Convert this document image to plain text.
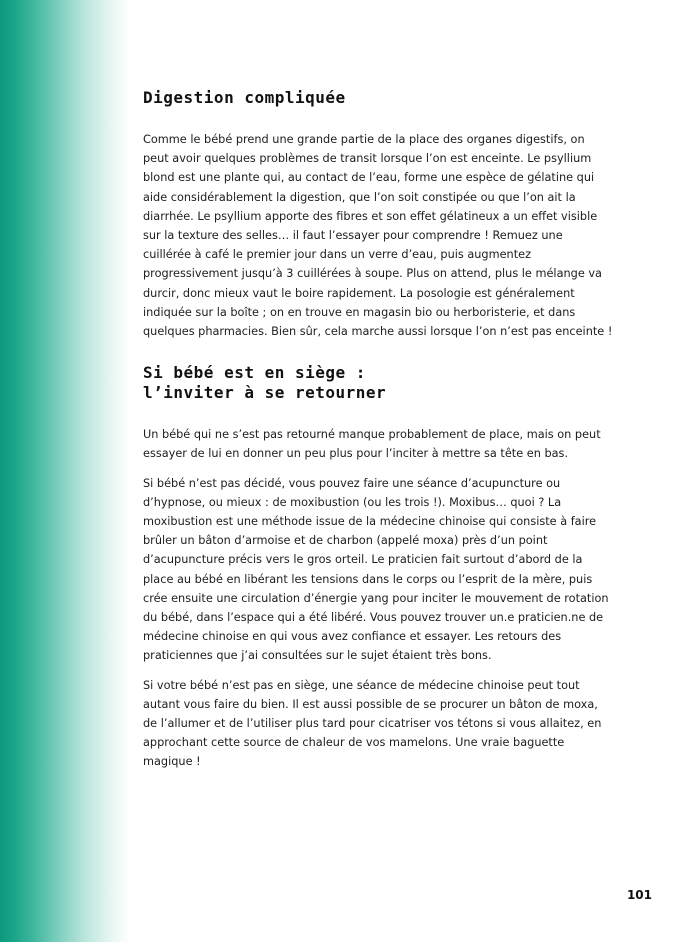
Digestion compliquée

Comme le bébé prend une grande partie de la place des organes digestifs, on peut avoir quelques problèmes de transit lorsque l’on est enceinte. Le psyllium blond est une plante qui, au contact de l’eau, forme une espèce de gélatine qui aide considérablement la digestion, que l’on soit constipée ou que l’on ait la diarrhée. Le psyllium apporte des fibres et son effet gélatineux a un effet visible sur la texture des selles… il faut l’essayer pour comprendre ! Remuez une cuillérée à café le premier jour dans un verre d’eau, puis augmentez progressivement jusqu’à 3 cuillérées à soupe. Plus on attend, plus le mélange va durcir, donc mieux vaut le boire rapidement. La posologie est généralement indiquée sur la boîte ; on en trouve en magasin bio ou herboristerie, et dans quelques pharmacies. Bien sûr, cela marche aussi lorsque l’on n’est pas enceinte !

Si bébé est en siège :
l’inviter à se retourner

Un bébé qui ne s’est pas retourné manque probablement de place, mais on peut essayer de lui en donner un peu plus pour l’inciter à mettre sa tête en bas.

Si bébé n’est pas décidé, vous pouvez faire une séance d’acupuncture ou d’hypnose, ou mieux : de moxibustion (ou les trois !). Moxibus… quoi ? La moxibustion est une méthode issue de la médecine chinoise qui consiste à faire brûler un bâton d’armoise et de charbon (appelé moxa) près d’un point d’acupuncture précis vers le gros orteil. Le praticien fait surtout d’abord de la place au bébé en libérant les tensions dans le corps ou l’esprit de la mère, puis crée ensuite une circulation d’énergie yang pour inciter le mouvement de rotation du bébé, dans l’espace qui a été libéré. Vous pouvez trouver un.e praticien.ne de médecine chinoise en qui vous avez confiance et essayer. Les retours des praticiennes que j’ai consultées sur le sujet étaient très bons.

Si votre bébé n’est pas en siège, une séance de médecine chinoise peut tout autant vous faire du bien. Il est aussi possible de se procurer un bâton de moxa, de l’allumer et de l’utiliser plus tard pour cicatriser vos tétons si vous allaitez, en approchant cette source de chaleur de vos mamelons. Une vraie baguette magique !

101
